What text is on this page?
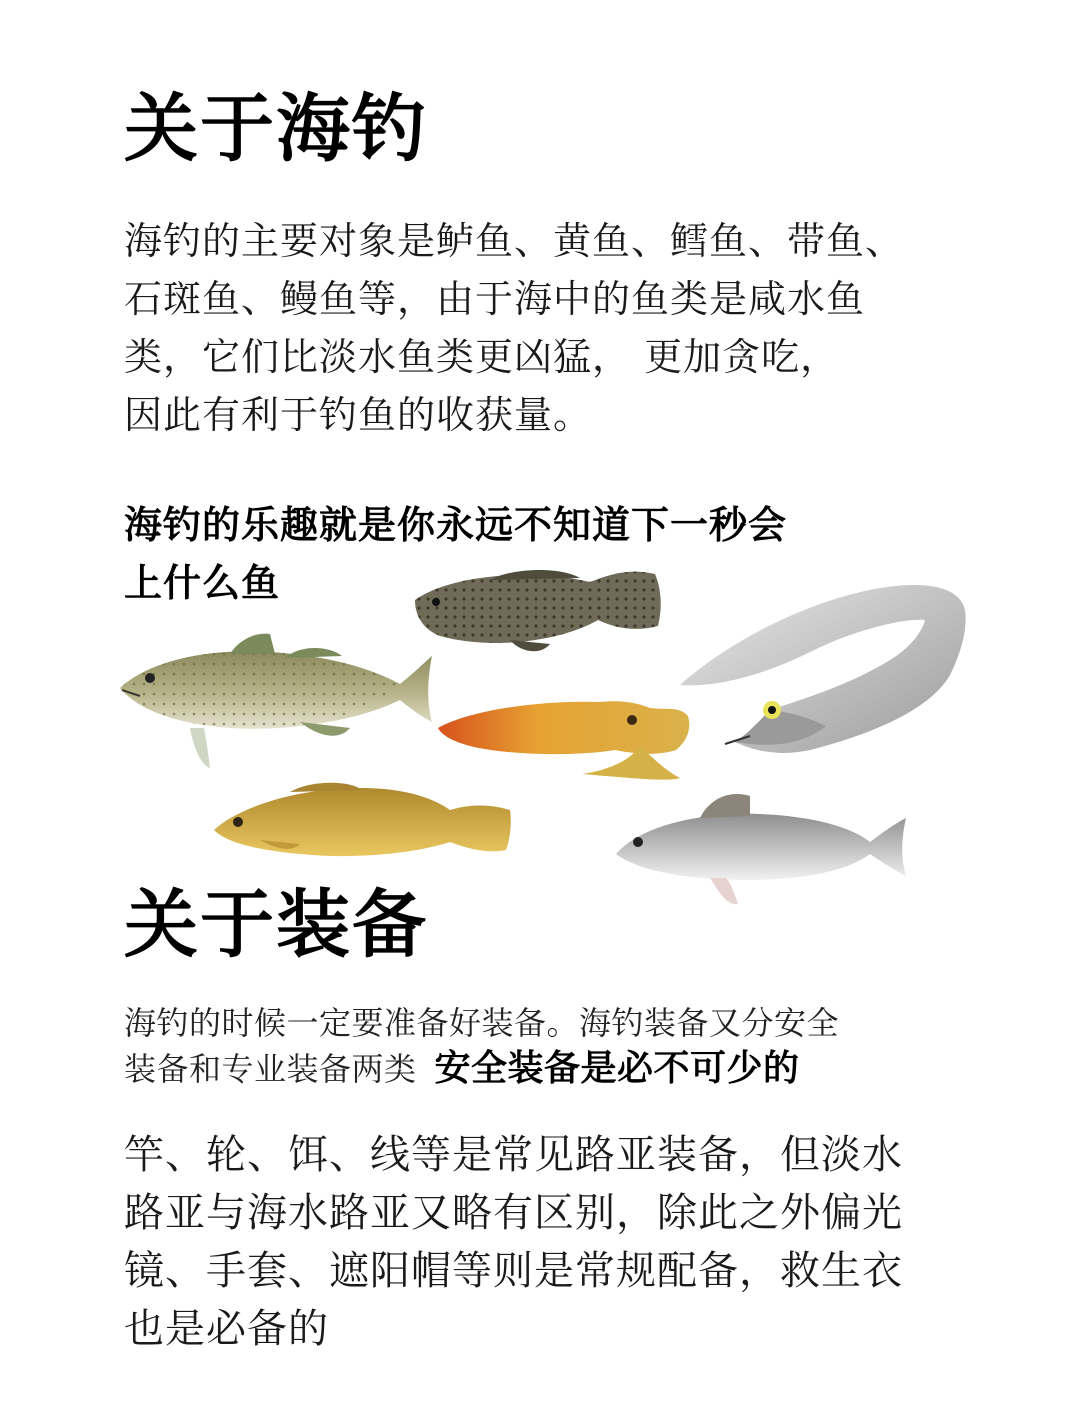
关于海钓

海钓的主要对象是鲈鱼、黄鱼、鳕鱼、带鱼、
石斑鱼、鳗鱼等，由于海中的鱼类是咸水鱼
类，它们比淡水鱼类更凶猛， 更加贪吃，
因此有利于钓鱼的收获量。

海钓的乐趣就是你永远不知道下一秒会
上什么鱼

关于装备

海钓的时候一定要准备好装备。海钓装备又分安全
装备和专业装备两类 安全装备是必不可少的

竿、轮、饵、线等是常见路亚装备，但淡水
路亚与海水路亚又略有区别，除此之外偏光
镜、手套、遮阳帽等则是常规配备，救生衣
也是必备的
